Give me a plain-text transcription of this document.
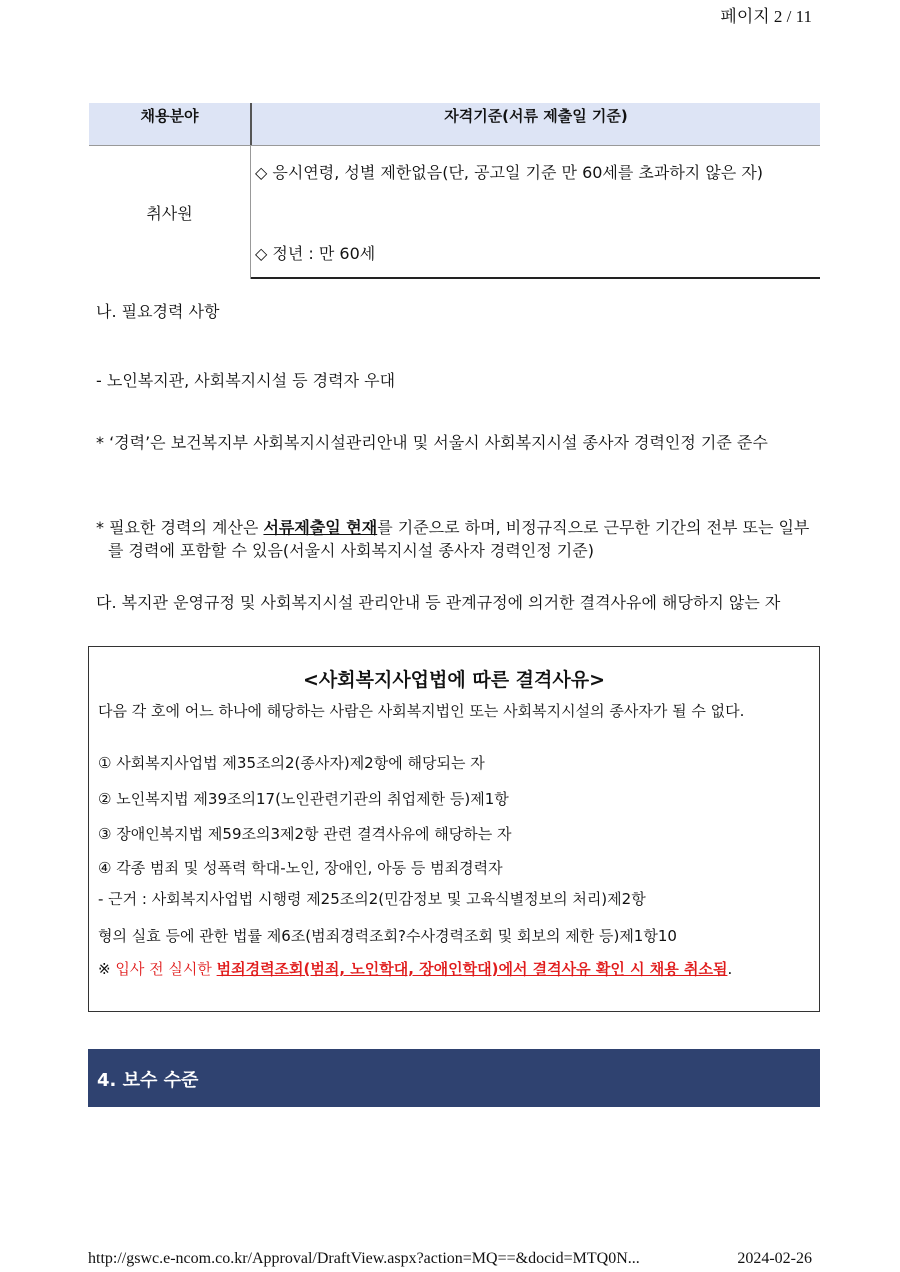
페이지 2 / 11
채용분야	자격기준(서류 제출일 기준)
취사원
◇ 응시연령, 성별 제한없음(단, 공고일 기준 만 60세를 초과하지 않은 자)
◇ 정년 : 만 60세
나. 필요경력 사항
- 노인복지관, 사회복지시설 등 경력자 우대
* ‘경력’은 보건복지부 사회복지시설관리안내 및 서울시 사회복지시설 종사자 경력인정 기준 준수
* 필요한 경력의 계산은 서류제출일 현재를 기준으로 하며, 비정규직으로 근무한 기간의 전부 또는 일부를 경력에 포함할 수 있음(서울시 사회복지시설 종사자 경력인정 기준)
다. 복지관 운영규정 및 사회복지시설 관리안내 등 관계규정에 의거한 결격사유에 해당하지 않는 자
<사회복지사업법에 따른 결격사유>
다음 각 호에 어느 하나에 해당하는 사람은 사회복지법인 또는 사회복지시설의 종사자가 될 수 없다.
① 사회복지사업법 제35조의2(종사자)제2항에 해당되는 자
② 노인복지법 제39조의17(노인관련기관의 취업제한 등)제1항
③ 장애인복지법 제59조의3제2항 관련 결격사유에 해당하는 자
④ 각종 범죄 및 성폭력 학대-노인, 장애인, 아동 등 범죄경력자
- 근거 : 사회복지사업법 시행령 제25조의2(민감정보 및 고육식별정보의 처리)제2항
형의 실효 등에 관한 법률 제6조(범죄경력조회?수사경력조회 및 회보의 제한 등)제1항10
※ 입사 전 실시한 범죄경력조회(범죄, 노인학대, 장애인학대)에서 결격사유 확인 시 채용 취소됨.
4. 보수 수준
http://gswc.e-ncom.co.kr/Approval/DraftView.aspx?action=MQ==&docid=MTQ0N...	2024-02-26
